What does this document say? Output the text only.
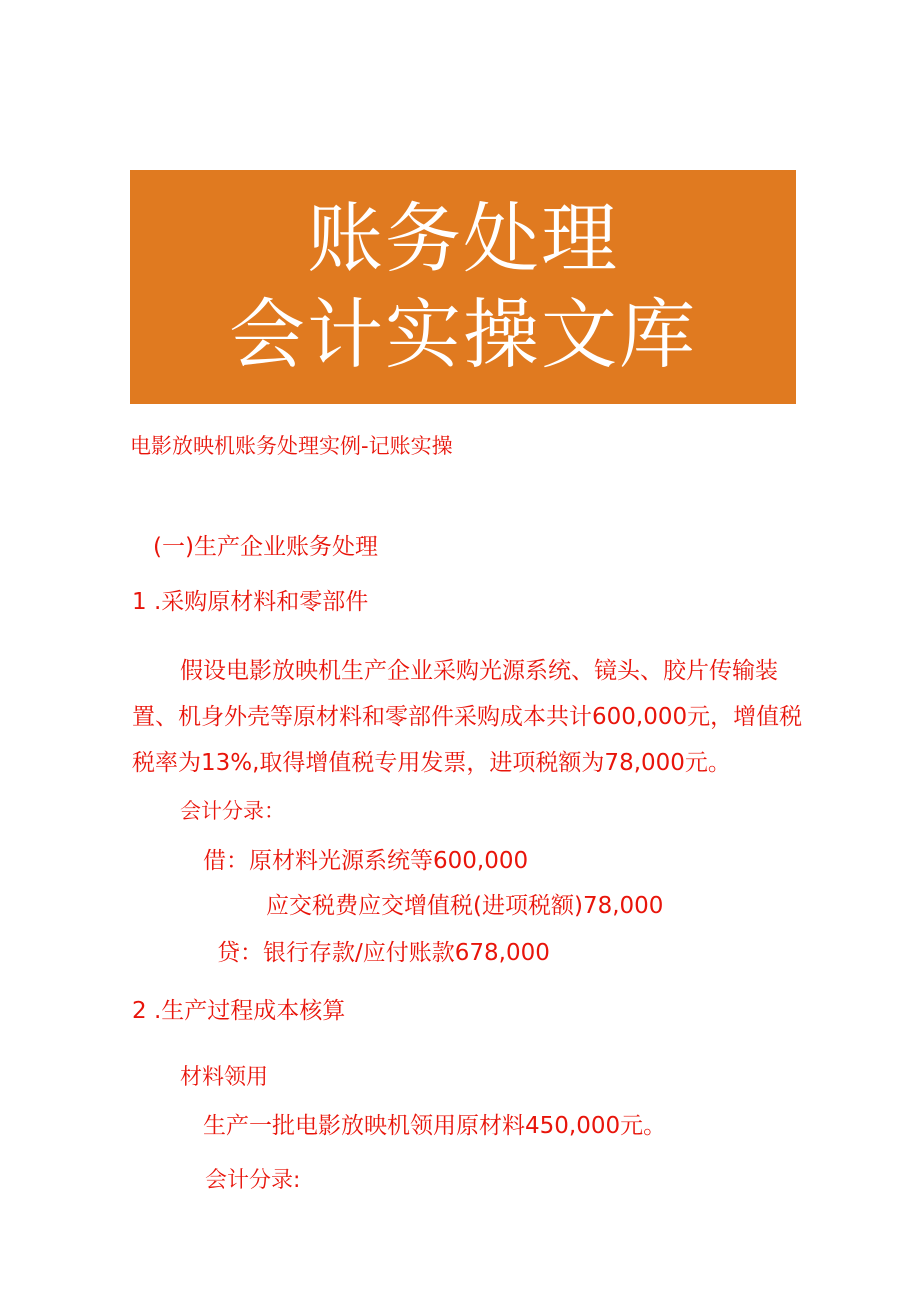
账务处理
会计实操文库
电影放映机账务处理实例-记账实操
(一)生产企业账务处理
1 .采购原材料和零部件
假设电影放映机生产企业采购光源系统、镜头、胶片传输装
置、机身外壳等原材料和零部件采购成本共计600,000元，增值税
税率为13%,取得增值税专用发票，进项税额为78,000元。
会计分录：
借：原材料光源系统等600,000
应交税费应交增值税(进项税额)78,000
贷：银行存款/应付账款678,000
2 .生产过程成本核算
材料领用
生产一批电影放映机领用原材料450,000元。
会计分录:
